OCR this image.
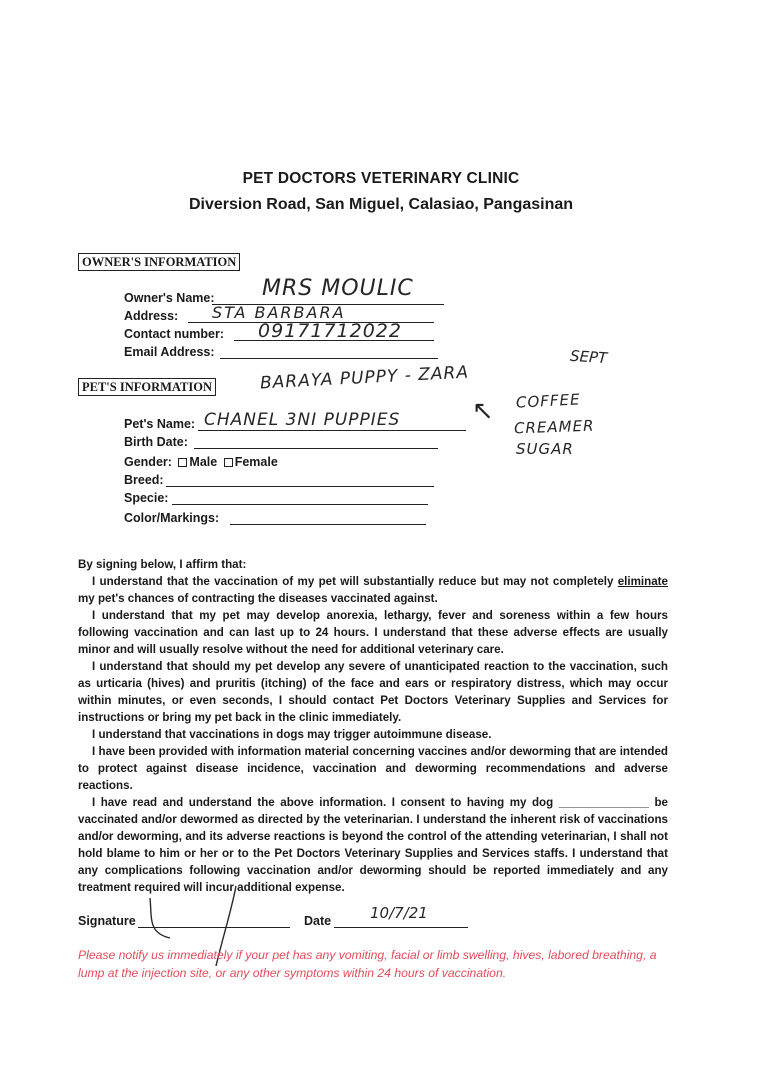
PET DOCTORS VETERINARY CLINIC
Diversion Road, San Miguel, Calasiao, Pangasinan
OWNER'S INFORMATION
Owner's Name: MRS MOULIC
Address: STA BARBARA
Contact number: 09171712022
Email Address:
PET'S INFORMATION	BARAYA PUPPY - ZARA
SEPT
Pet's Name: CHANEL 3NI PUPPIES	↖ COFFEE
CREAMER
SUGAR
Birth Date:
Gender: Male Female
Breed:
Specie:
Color/Markings:

By signing below, I affirm that:

I understand that the vaccination of my pet will substantially reduce but may not completely eliminate my pet's chances of contracting the diseases vaccinated against.

I understand that my pet may develop anorexia, lethargy, fever and soreness within a few hours following vaccination and can last up to 24 hours. I understand that these adverse effects are usually minor and will usually resolve without the need for additional veterinary care.

I understand that should my pet develop any severe of unanticipated reaction to the vaccination, such as urticaria (hives) and pruritis (itching) of the face and ears or respiratory distress, which may occur within minutes, or even seconds, I should contact Pet Doctors Veterinary Supplies and Services for instructions or bring my pet back in the clinic immediately.

I understand that vaccinations in dogs may trigger autoimmune disease.

I have been provided with information material concerning vaccines and/or deworming that are intended to protect against disease incidence, vaccination and deworming recommendations and adverse reactions.

I have read and understand the above information. I consent to having my dog ______________ be vaccinated and/or dewormed as directed by the veterinarian. I understand the inherent risk of vaccinations and/or deworming, and its adverse reactions is beyond the control of the attending veterinarian, I shall not hold blame to him or her or to the Pet Doctors Veterinary Supplies and Services staffs. I understand that any complications following vaccination and/or deworming should be reported immediately and any treatment required will incur additional expense.

Signature	Date	10/7/21
Please notify us immediately if your pet has any vomiting, facial or limb swelling, hives, labored breathing, a lump at the injection site, or any other symptoms within 24 hours of vaccination.
